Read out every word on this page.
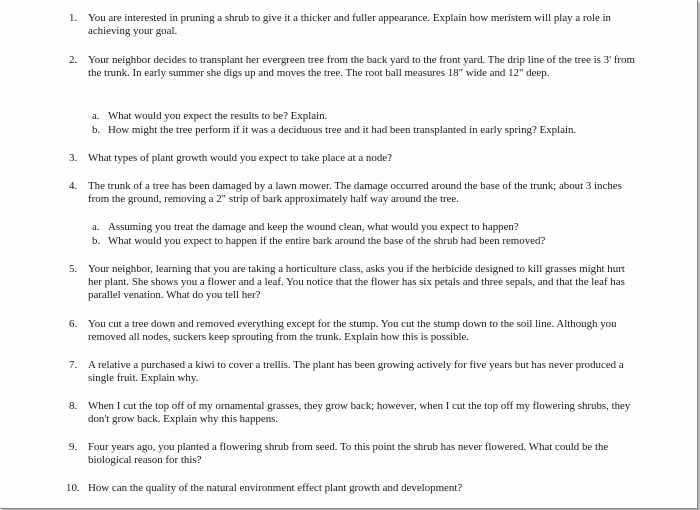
1. You are interested in pruning a shrub to give it a thicker and fuller appearance. Explain how meristem will play a role in achieving your goal.
2. Your neighbor decides to transplant her evergreen tree from the back yard to the front yard. The drip line of the tree is 3' from the trunk. In early summer she digs up and moves the tree. The root ball measures 18" wide and 12" deep.
a. What would you expect the results to be? Explain.
b. How might the tree perform if it was a deciduous tree and it had been transplanted in early spring? Explain.
3. What types of plant growth would you expect to take place at a node?
4. The trunk of a tree has been damaged by a lawn mower. The damage occurred around the base of the trunk; about 3 inches from the ground, removing a 2" strip of bark approximately half way around the tree.
a. Assuming you treat the damage and keep the wound clean, what would you expect to happen?
b. What would you expect to happen if the entire bark around the base of the shrub had been removed?
5. Your neighbor, learning that you are taking a horticulture class, asks you if the herbicide designed to kill grasses might hurt her plant. She shows you a flower and a leaf. You notice that the flower has six petals and three sepals, and that the leaf has parallel venation. What do you tell her?
6. You cut a tree down and removed everything except for the stump. You cut the stump down to the soil line. Although you removed all nodes, suckers keep sprouting from the trunk. Explain how this is possible.
7. A relative a purchased a kiwi to cover a trellis. The plant has been growing actively for five years but has never produced a single fruit. Explain why.
8. When I cut the top off of my ornamental grasses, they grow back; however, when I cut the top off my flowering shrubs, they don't grow back. Explain why this happens.
9. Four years ago, you planted a flowering shrub from seed. To this point the shrub has never flowered. What could be the biological reason for this?
10. How can the quality of the natural environment effect plant growth and development?
